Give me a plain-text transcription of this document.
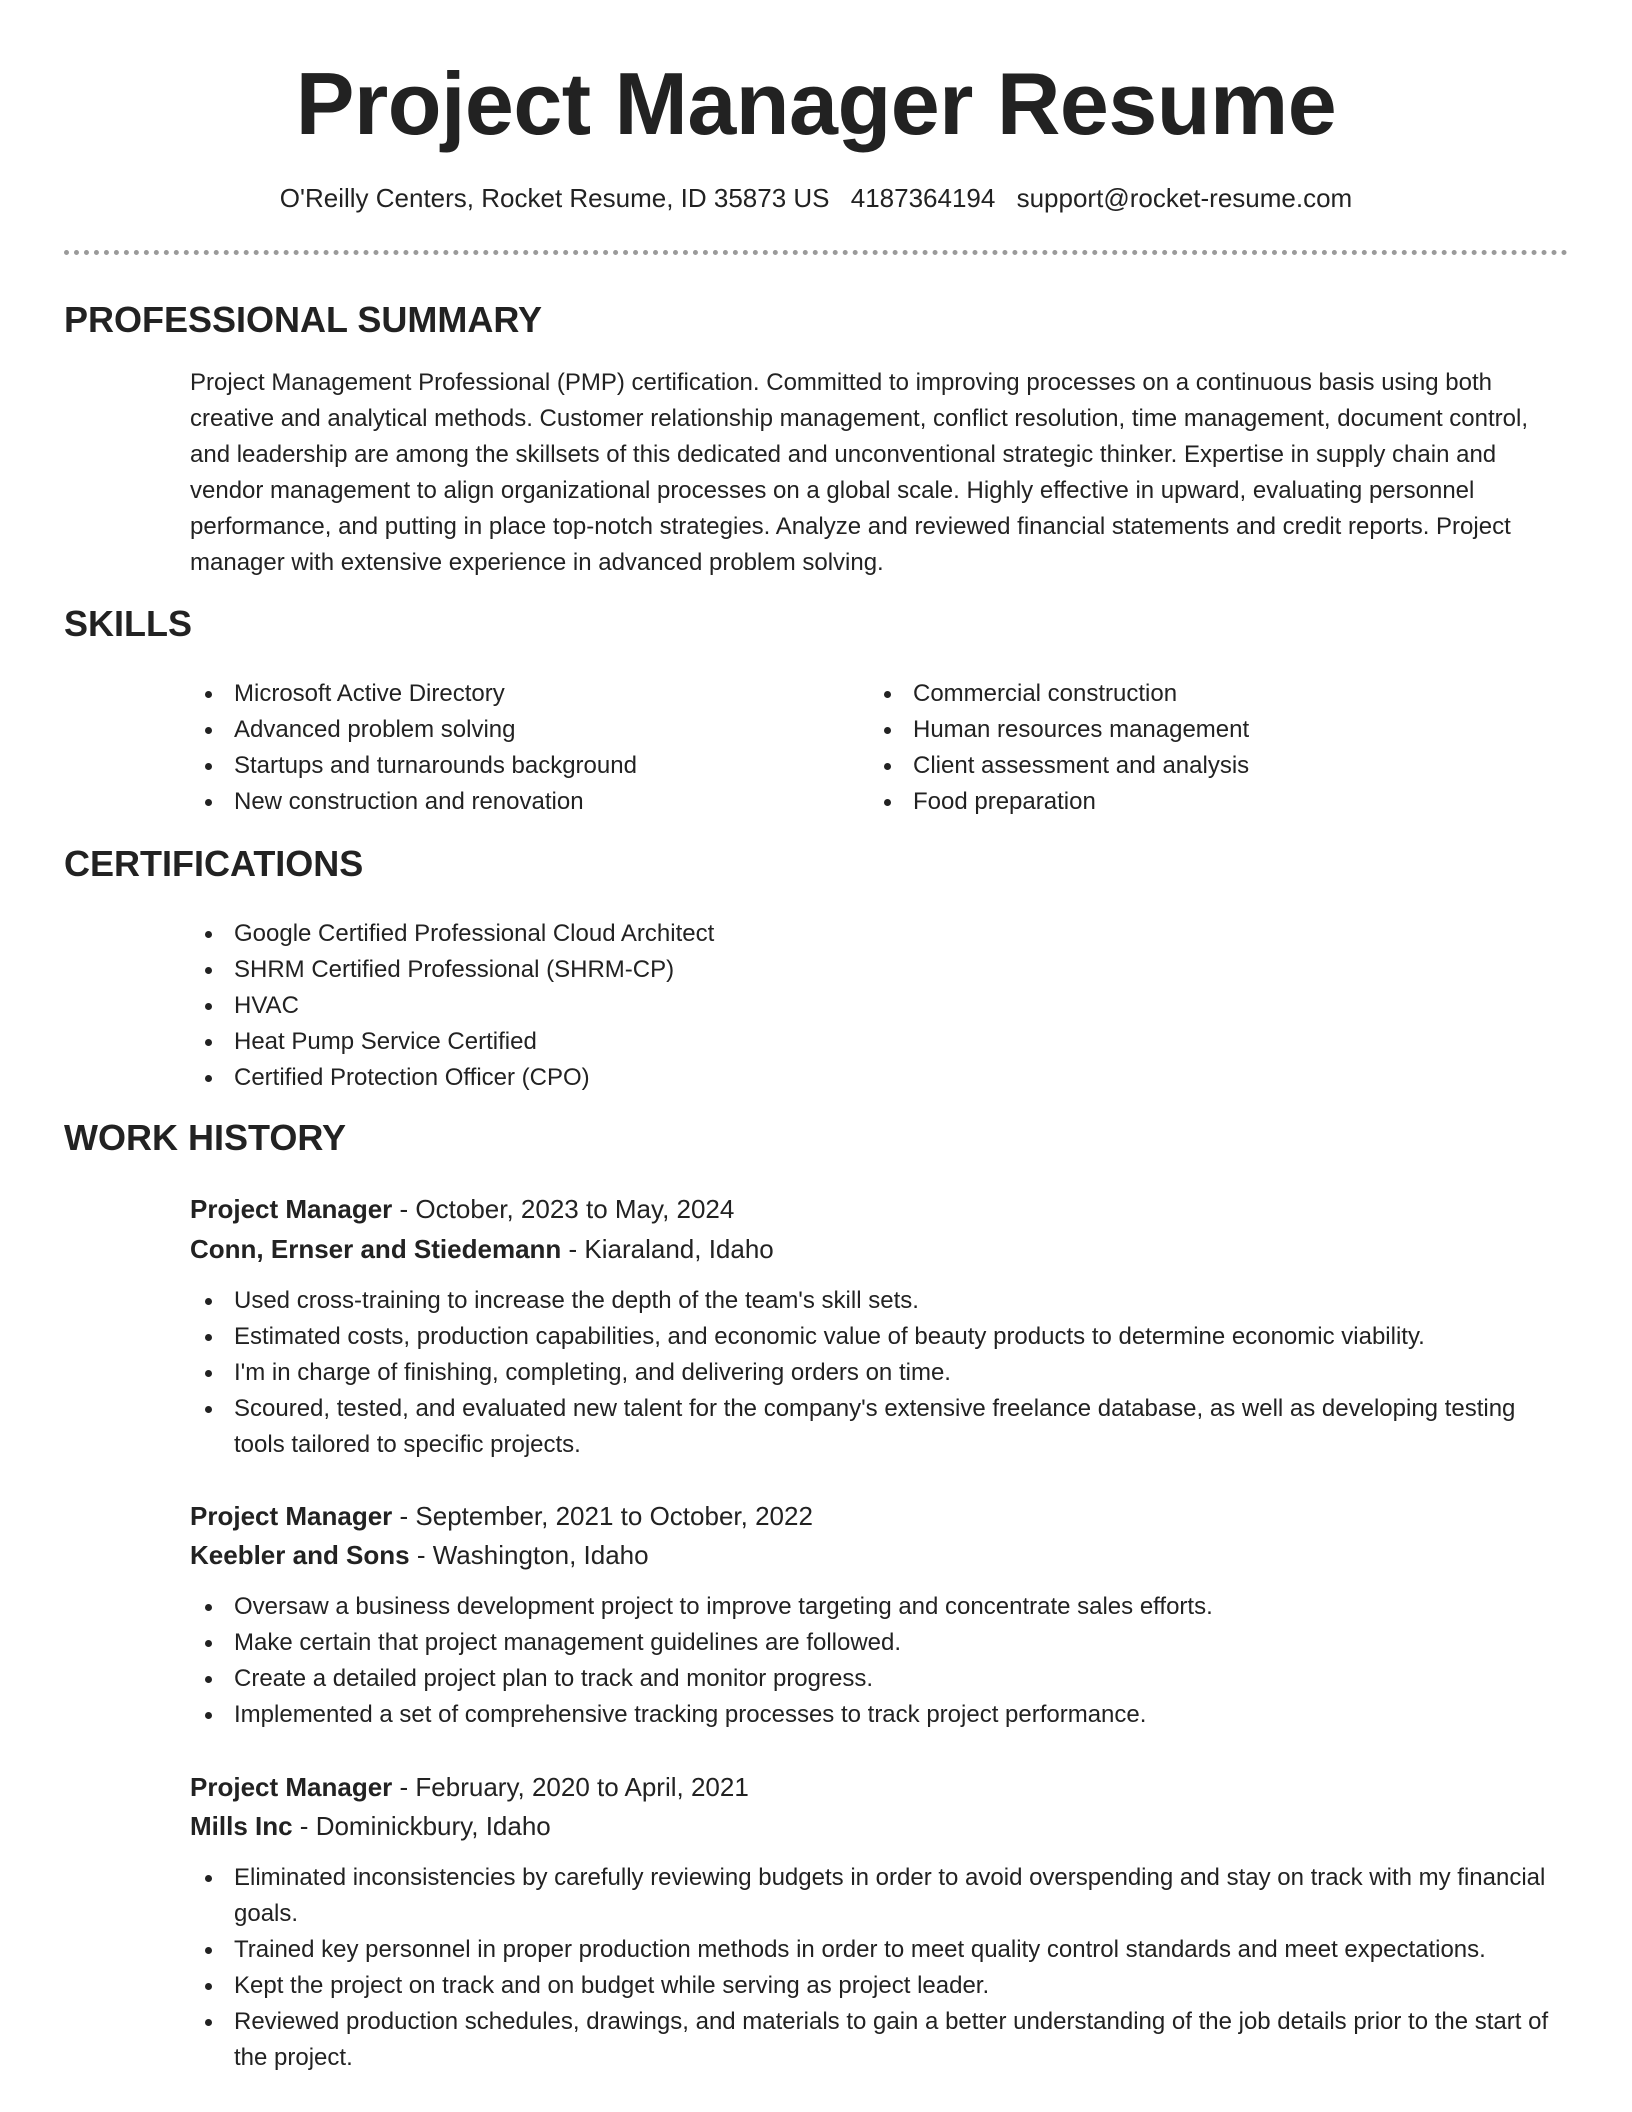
Project Manager Resume
O'Reilly Centers, Rocket Resume, ID 35873 US 4187364194 support@rocket-resume.com
PROFESSIONAL SUMMARY

Project Management Professional (PMP) certification. Committed to improving processes on a continuous basis using both creative and analytical methods. Customer relationship management, conflict resolution, time management, document control, and leadership are among the skillsets of this dedicated and unconventional strategic thinker. Expertise in supply chain and vendor management to align organizational processes on a global scale. Highly effective in upward, evaluating personnel performance, and putting in place top-notch strategies. Analyze and reviewed financial statements and credit reports. Project manager with extensive experience in advanced problem solving.

SKILLS
Microsoft Active Directory
Advanced problem solving
Startups and turnarounds background
New construction and renovation
Commercial construction
Human resources management
Client assessment and analysis
Food preparation
CERTIFICATIONS
Google Certified Professional Cloud Architect
SHRM Certified Professional (SHRM-CP)
HVAC
Heat Pump Service Certified
Certified Protection Officer (CPO)
WORK HISTORY
Project Manager - October, 2023 to May, 2024
Conn, Ernser and Stiedemann - Kiaraland, Idaho
Used cross-training to increase the depth of the team's skill sets.
Estimated costs, production capabilities, and economic value of beauty products to determine economic viability.
I'm in charge of finishing, completing, and delivering orders on time.
Scoured, tested, and evaluated new talent for the company's extensive freelance database, as well as developing testing tools tailored to specific projects.
Project Manager - September, 2021 to October, 2022
Keebler and Sons - Washington, Idaho
Oversaw a business development project to improve targeting and concentrate sales efforts.
Make certain that project management guidelines are followed.
Create a detailed project plan to track and monitor progress.
Implemented a set of comprehensive tracking processes to track project performance.
Project Manager - February, 2020 to April, 2021
Mills Inc - Dominickbury, Idaho
Eliminated inconsistencies by carefully reviewing budgets in order to avoid overspending and stay on track with my financial goals.
Trained key personnel in proper production methods in order to meet quality control standards and meet expectations.
Kept the project on track and on budget while serving as project leader.
Reviewed production schedules, drawings, and materials to gain a better understanding of the job details prior to the start of the project.
